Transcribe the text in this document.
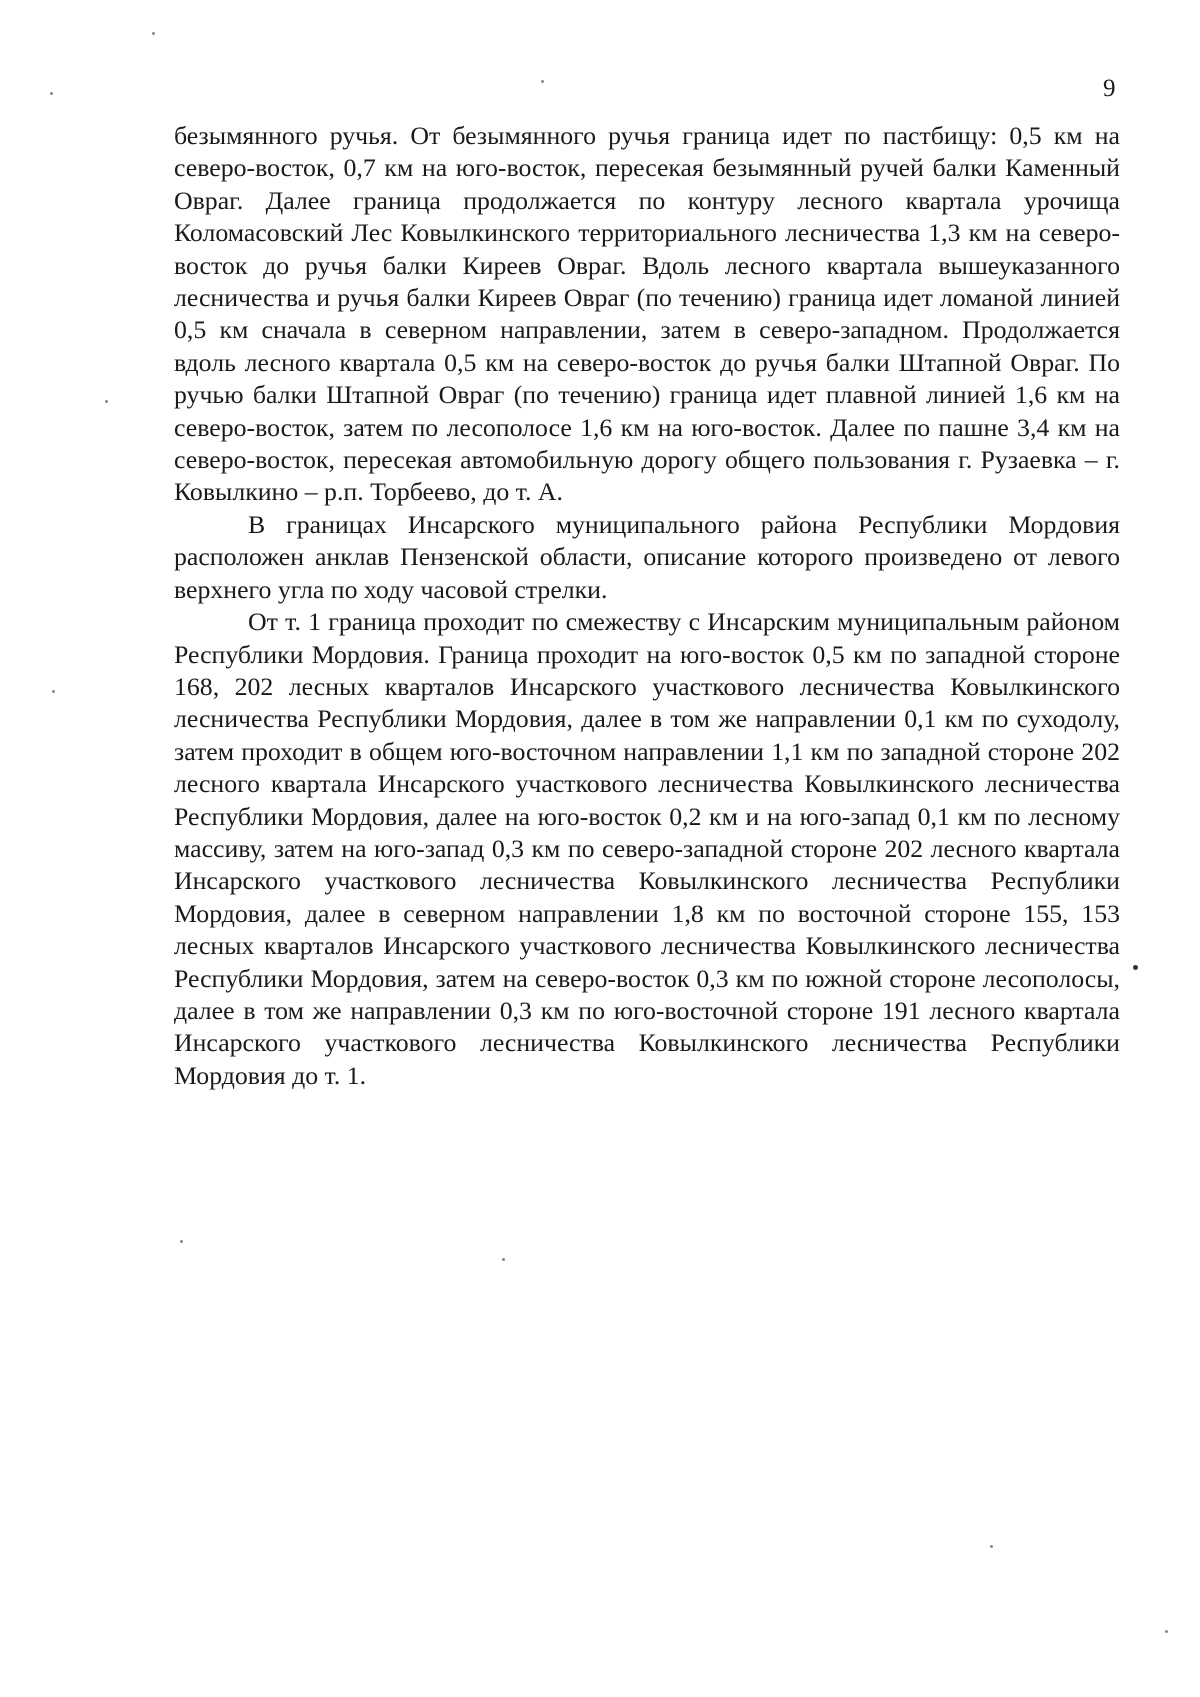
9

безымянного ручья. От безымянного ручья граница идет по пастбищу: 0,5 км на северо-восток, 0,7 км на юго-восток, пересекая безымянный ручей балки Каменный Овраг. Далее граница продолжается по контуру лесного квартала урочища Коломасовский Лес Ковылкинского территориального лесничества 1,3 км на северо-восток до ручья балки Киреев Овраг. Вдоль лесного квартала вышеуказанного лесничества и ручья балки Киреев Овраг (по течению) граница идет ломаной линией 0,5 км сначала в северном направлении, затем в северо-западном. Продолжается вдоль лесного квартала 0,5 км на северо-восток до ручья балки Штапной Овраг. По ручью балки Штапной Овраг (по течению) граница идет плавной линией 1,6 км на северо-восток, затем по лесополосе 1,6 км на юго-восток. Далее по пашне 3,4 км на северо-восток, пересекая автомобильную дорогу общего пользования г. Рузаевка – г. Ковылкино – р.п. Торбеево, до т. А.

В границах Инсарского муниципального района Республики Мордовия расположен анклав Пензенской области, описание которого произведено от левого верхнего угла по ходу часовой стрелки.

От т. 1 граница проходит по смежеству с Инсарским муниципальным районом Республики Мордовия. Граница проходит на юго-восток 0,5 км по западной стороне 168, 202 лесных кварталов Инсарского участкового лесничества Ковылкинского лесничества Республики Мордовия, далее в том же направлении 0,1 км по суходолу, затем проходит в общем юго-восточном направлении 1,1 км по западной стороне 202 лесного квартала Инсарского участкового лесничества Ковылкинского лесничества Республики Мордовия, далее на юго-восток 0,2 км и на юго-запад 0,1 км по лесному массиву, затем на юго-запад 0,3 км по северо-западной стороне 202 лесного квартала Инсарского участкового лесничества Ковылкинского лесничества Республики Мордовия, далее в северном направлении 1,8 км по восточной стороне 155, 153 лесных кварталов Инсарского участкового лесничества Ковылкинского лесничества Республики Мордовия, затем на северо-восток 0,3 км по южной стороне лесополосы, далее в том же направлении 0,3 км по юго-восточной стороне 191 лесного квартала Инсарского участкового лесничества Ковылкинского лесничества Республики Мордовия до т. 1.
